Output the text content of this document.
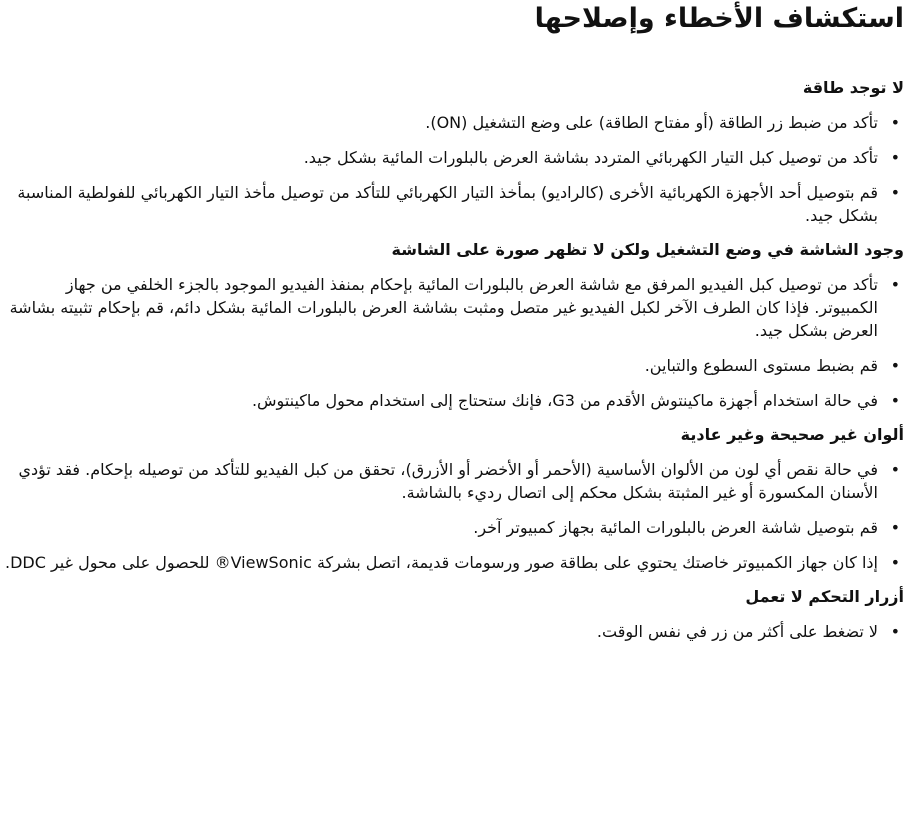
استكشاف الأخطاء وإصلاحها
لا توجد طاقة
•
تأكد من ضبط زر الطاقة (أو مفتاح الطاقة) على وضع التشغيل (ON).
•
تأكد من توصيل كبل التيار الكهربائي المتردد بشاشة العرض بالبلورات المائية بشكل جيد.
•
قم بتوصيل أحد الأجهزة الكهربائية الأخرى (كالراديو) بمأخذ التيار الكهربائي للتأكد من توصيل مأخذ التيار الكهربائي للفولطية المناسبة بشكل جيد.
وجود الشاشة في وضع التشغيل ولكن لا تظهر صورة على الشاشة
•
تأكد من توصيل كبل الفيديو المرفق مع شاشة العرض بالبلورات المائية بإحكام بمنفذ الفيديو الموجود بالجزء الخلفي من جهاز الكمبيوتر. فإذا كان الطرف الآخر لكبل الفيديو غير متصل ومثبت بشاشة العرض بالبلورات المائية بشكل دائم، قم بإحكام تثبيته بشاشة العرض بشكل جيد.
•
قم بضبط مستوى السطوع والتباين.
•
في حالة استخدام أجهزة ماكينتوش الأقدم من G3، فإنك ستحتاج إلى استخدام محول ماكينتوش.
ألوان غير صحيحة وغير عادية
•
في حالة نقص أي لون من الألوان الأساسية (الأحمر أو الأخضر أو الأزرق)، تحقق من كبل الفيديو للتأكد من توصيله بإحكام. فقد تؤدي الأسنان المكسورة أو غير المثبتة بشكل محكم إلى اتصال رديء بالشاشة.
•
قم بتوصيل شاشة العرض بالبلورات المائية بجهاز كمبيوتر آخر.
•
إذا كان جهاز الكمبيوتر خاصتك يحتوي على بطاقة صور ورسومات قديمة، اتصل بشركة ViewSonic® للحصول على محول غير DDC.
أزرار التحكم لا تعمل
•
لا تضغط على أكثر من زر في نفس الوقت.
